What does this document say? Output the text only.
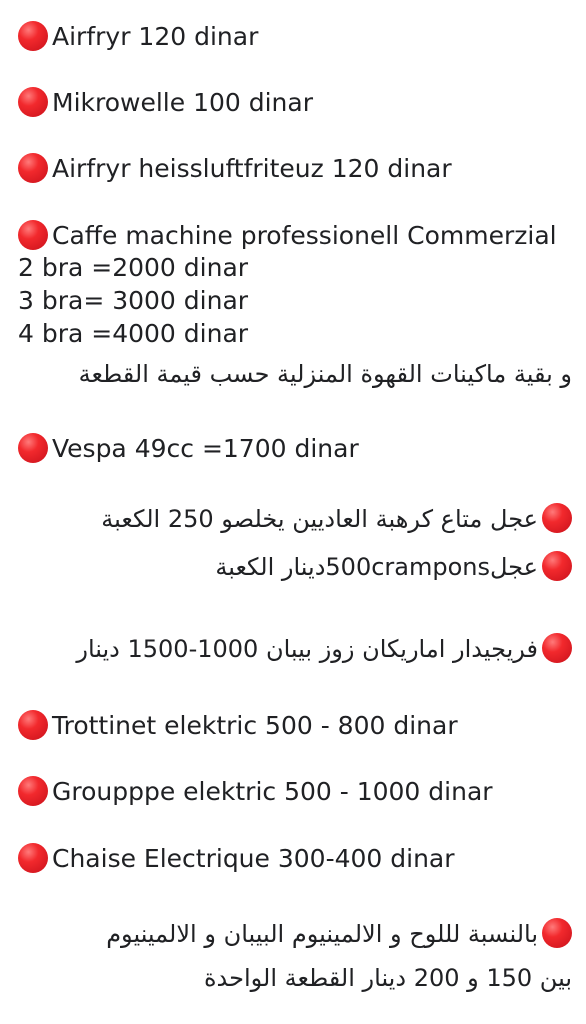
Airfryr 120 dinar
Mikrowelle 100 dinar
Airfryr heissluftfriteuz 120 dinar
Caffe machine professionell Commerzial
2 bra =2000 dinar
3 bra= 3000 dinar
4 bra =4000 dinar
و بقية ماكينات القهوة المنزلية حسب قيمة القطعة
Vespa 49cc =1700 dinar
عجل متاع كرهبة العاديين يخلصو 250 الكعبة
عجل500cramponsدينار الكعبة
فريجيدار اماريكان زوز بيبان 1000-1500 دينار
Trottinet elektric 500 - 800 dinar
Groupppe elektric 500 - 1000 dinar
Chaise Electrique 300-400 dinar
بالنسبة لللوح و الالمينيوم البيبان و الالمينيوم
بين 150 و 200 دينار القطعة الواحدة
